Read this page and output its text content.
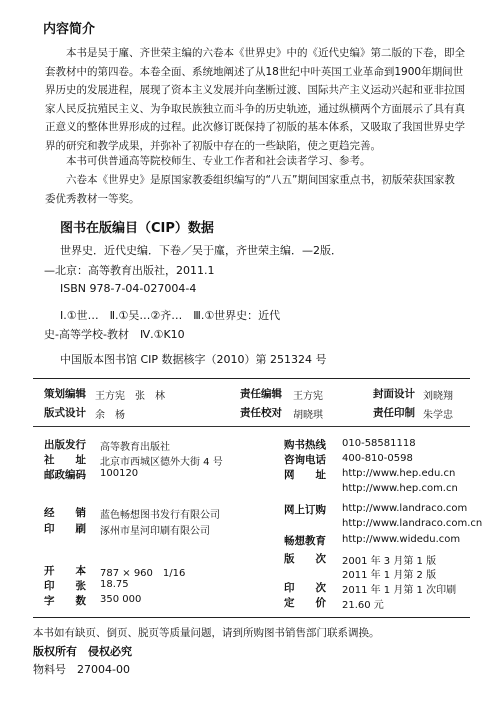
内容简介
本书是吴于廑、齐世荣主编的六卷本《世界史》中的《近代史编》第二版的下卷，即全套教材中的第四卷。本卷全面、系统地阐述了从18世纪中叶英国工业革命到1900年期间世界历史的发展进程，展现了资本主义发展并向垄断过渡、国际共产主义运动兴起和亚非拉国家人民反抗殖民主义、为争取民族独立而斗争的历史轨迹，通过纵横两个方面展示了具有真正意义的整体世界形成的过程。此次修订既保持了初版的基本体系，又吸取了我国世界史学界的研究和教学成果，并弥补了初版中存在的一些缺陷，使之更趋完善。
本书可供普通高等院校师生、专业工作者和社会读者学习、参考。
六卷本《世界史》是原国家教委组织编写的“八五”期间国家重点书，初版荣获国家教委优秀教材一等奖。
图书在版编目（CIP）数据
世界史．近代史编．下卷／吴于廑，齐世荣主编．—2版．
—北京：高等教育出版社，2011.1
ISBN 978-7-04-027004-4
Ⅰ.①世…　Ⅱ.①吴…②齐…　Ⅲ.①世界史：近代
史-高等学校-教材　Ⅳ.①K10
中国版本图书馆 CIP 数据核字（2010）第 251324 号
策划编辑 王方宪　张　林	责任编辑 王方宪	封面设计 刘晓翔
版式设计 余　杨	责任校对 胡晓琪	责任印制 朱学忠
出版发行 高等教育出版社
社　　址 北京市西城区德外大街 4 号
邮政编码 100120
购书热线 010-58581118
咨询电话 400-810-0598
网　　址 http://www.hep.edu.cn
http://www.hep.com.cn
网上订购 http://www.landraco.com
http://www.landraco.com.cn
畅想教育 http://www.widedu.com
经　　销 蓝色畅想图书发行有限公司
印　　刷 涿州市星河印刷有限公司
开　　本 787 × 960　1/16
印　　张 18.75
字　　数 350 000
版　　次 2001 年 3 月第 1 版
2011 年 1 月第 2 版
印　　次 2011 年 1 月第 1 次印刷
定　　价 21.60 元
本书如有缺页、倒页、脱页等质量问题，请到所购图书销售部门联系调换。
版权所有　侵权必究
物料号　27004-00
